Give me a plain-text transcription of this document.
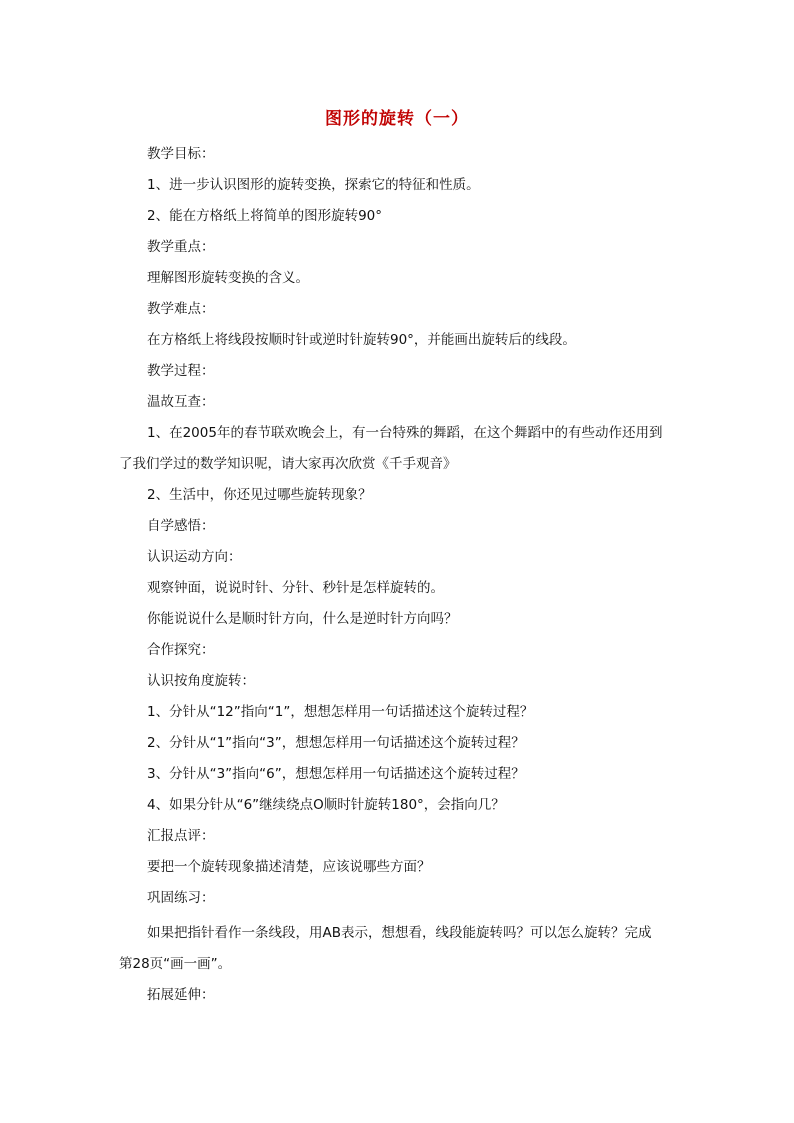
图形的旋转（一）

教学目标：

1、进一步认识图形的旋转变换，探索它的特征和性质。

2、能在方格纸上将简单的图形旋转90°

教学重点：

理解图形旋转变换的含义。

教学难点：

在方格纸上将线段按顺时针或逆时针旋转90°，并能画出旋转后的线段。

教学过程：

温故互查：

1、在2005年的春节联欢晚会上，有一台特殊的舞蹈，在这个舞蹈中的有些动作还用到

了我们学过的数学知识呢，请大家再次欣赏《千手观音》

2、生活中，你还见过哪些旋转现象？

自学感悟：

认识运动方向：

观察钟面，说说时针、分针、秒针是怎样旋转的。

你能说说什么是顺时针方向，什么是逆时针方向吗？

合作探究：

认识按角度旋转：

1、分针从“12”指向“1”，想想怎样用一句话描述这个旋转过程？

2、分针从“1”指向“3”，想想怎样用一句话描述这个旋转过程？

3、分针从“3”指向“6”，想想怎样用一句话描述这个旋转过程？

4、如果分针从“6”继续绕点O顺时针旋转180°，会指向几？

汇报点评：

要把一个旋转现象描述清楚，应该说哪些方面？

巩固练习：

如果把指针看作一条线段，用AB表示，想想看，线段能旋转吗？可以怎么旋转？完成

第28页“画一画”。

拓展延伸：
